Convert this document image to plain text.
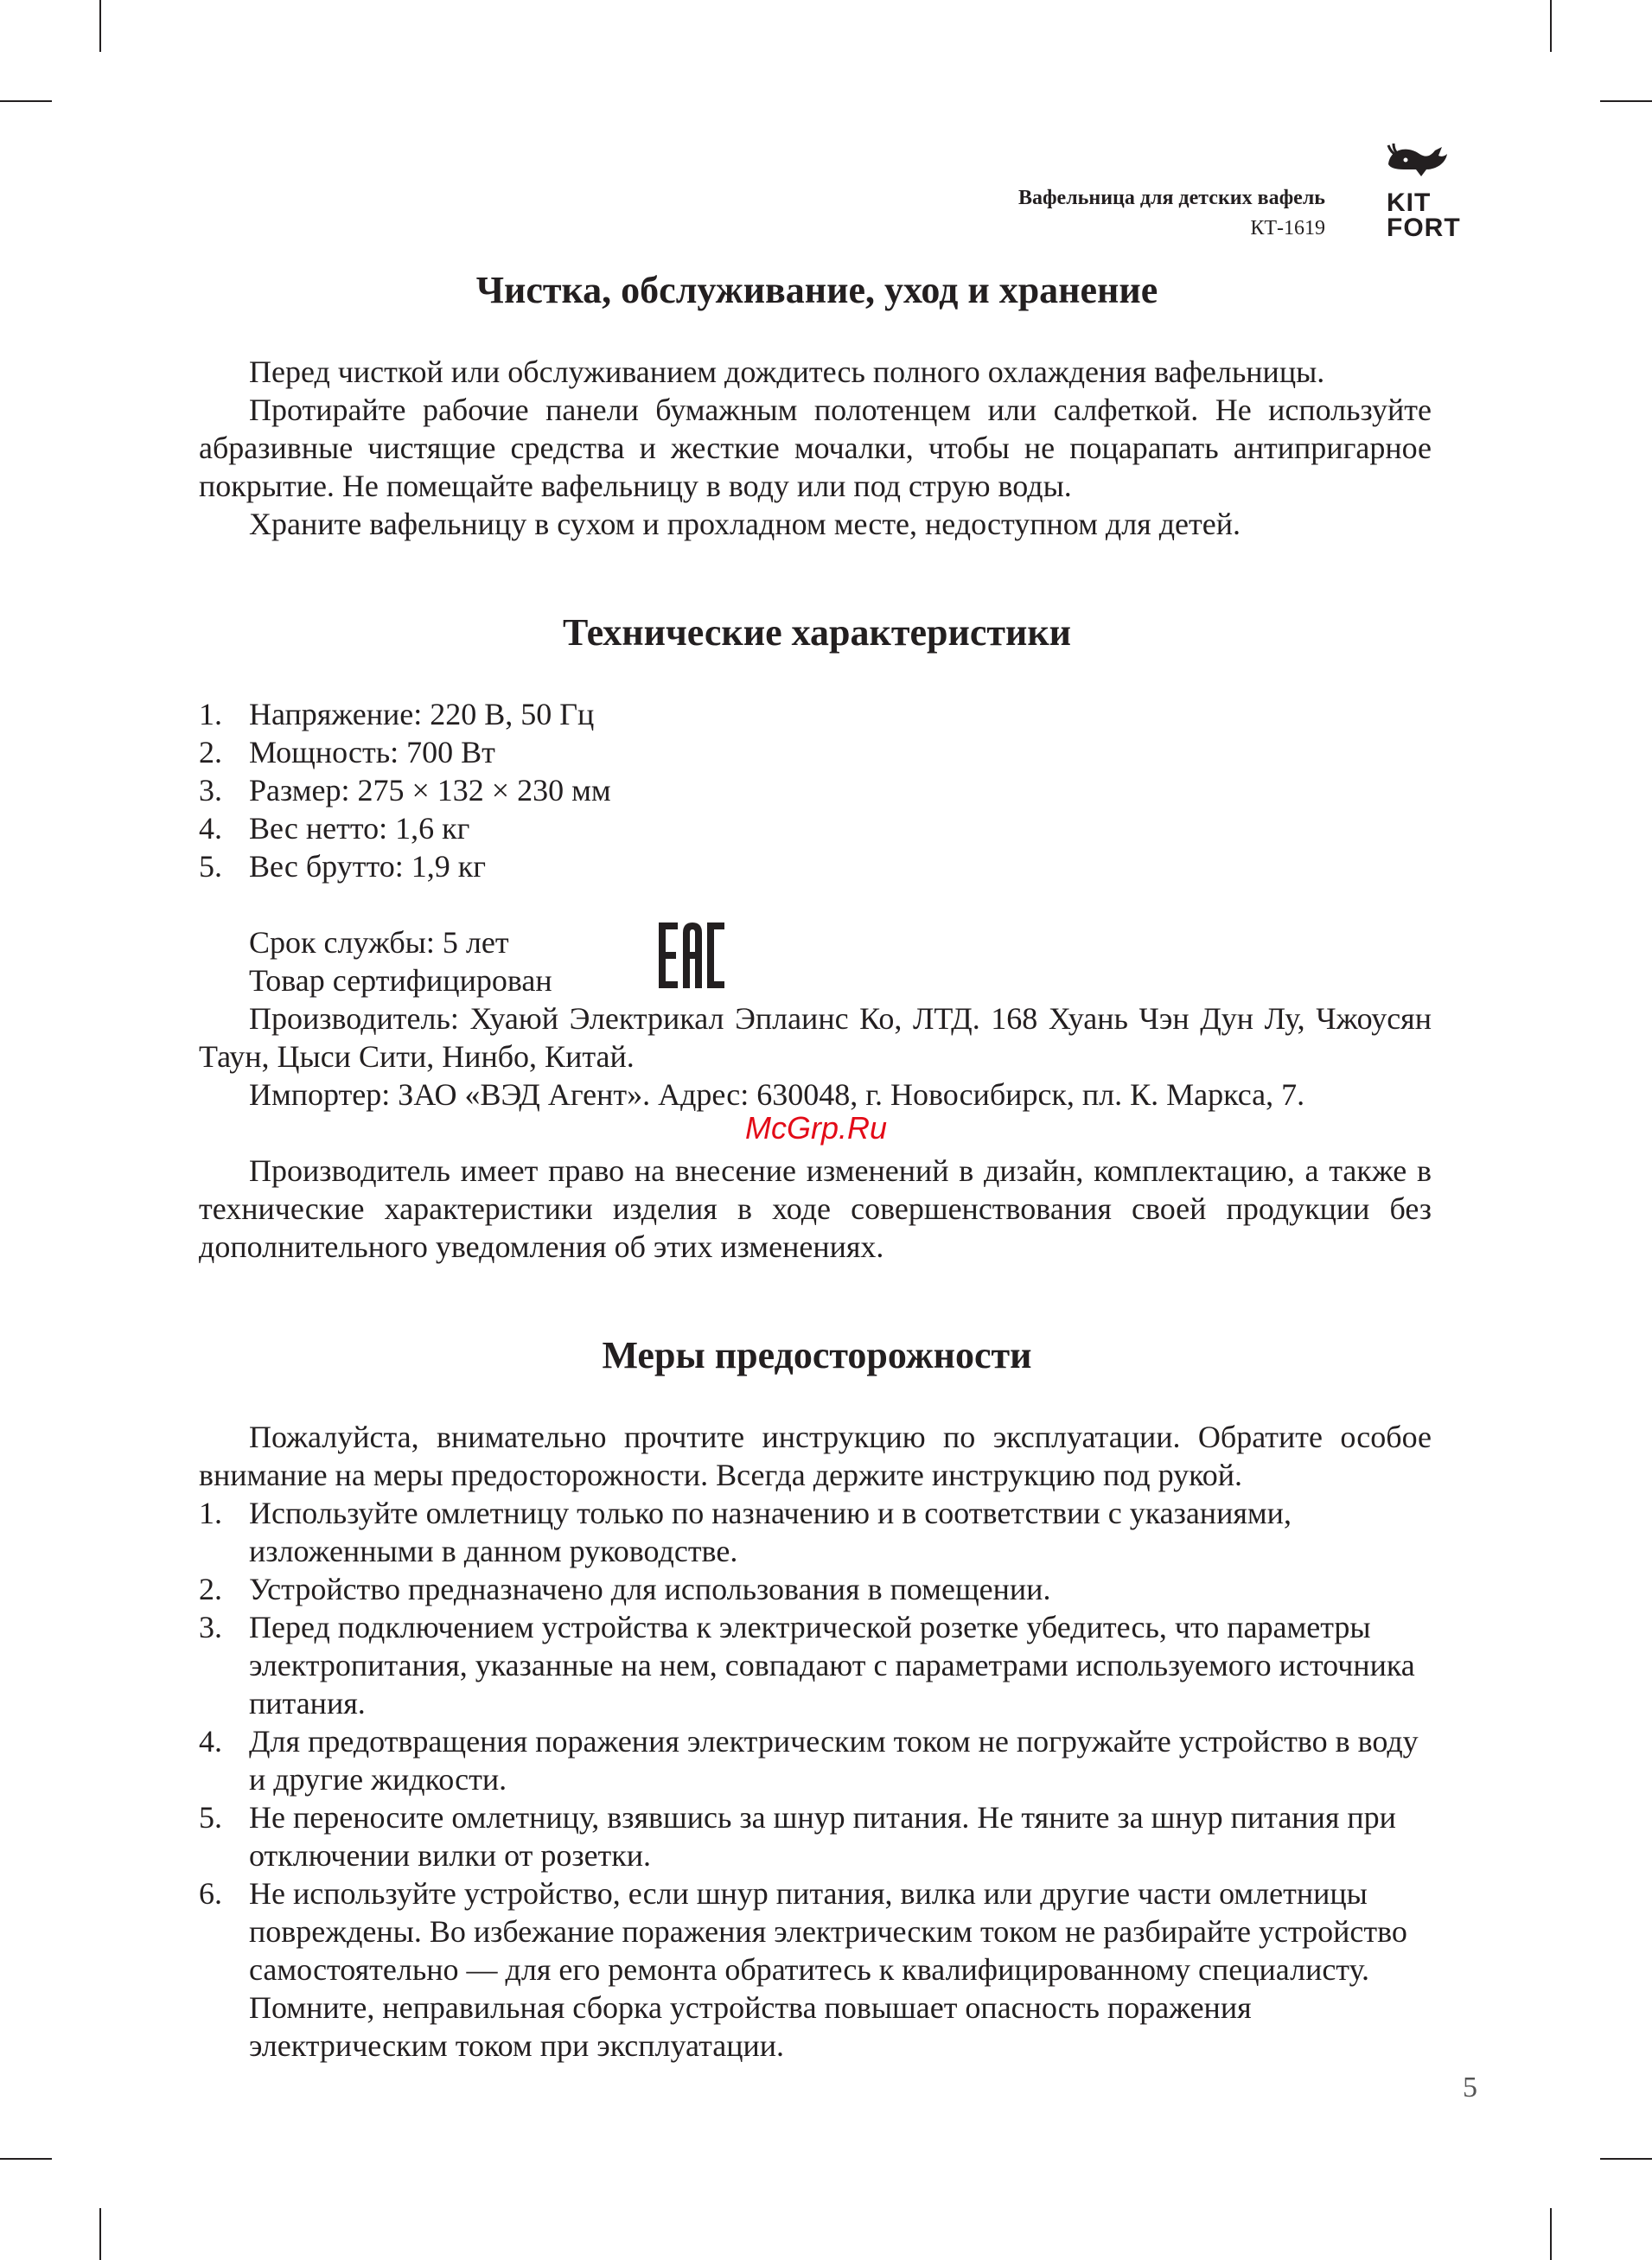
Вафельница для детских вафель
КТ-1619
KIT
FORT
Чистка, обслуживание, уход и хранение

Перед чисткой или обслуживанием дождитесь полного охлаждения вафельницы.

Протирайте рабочие панели бумажным полотенцем или салфеткой. Не используйте абразивные чистящие средства и жесткие мочалки, чтобы не поцарапать антипригарное покрытие. Не помещайте вафельницу в воду или под струю воды.

Храните вафельницу в сухом и прохладном месте, недоступном для детей.

Технические характеристики
1. Напряжение: 220 В, 50 Гц
2. Мощность: 700 Вт
3. Размер: 275 × 132 × 230 мм
4. Вес нетто: 1,6 кг
5. Вес брутто: 1,9 кг

Срок службы: 5 лет

Товар сертифицирован

Производитель: Хуаюй Электрикал Эплаинс Ко, ЛТД. 168 Хуань Чэн Дун Лу, Чжоусян Таун, Цыси Сити, Нинбо, Китай.

Импортер: ЗАО «ВЭД Агент». Адрес: 630048, г. Новосибирск, пл. К. Маркса, 7.

McGrp.Ru

Производитель имеет право на внесение изменений в дизайн, комплектацию, а также в технические характеристики изделия в ходе совершенствования своей продукции без дополнительного уведомления об этих изменениях.

Меры предосторожности

Пожалуйста, внимательно прочтите инструкцию по эксплуатации. Обратите особое внимание на меры предосторожности. Всегда держите инструкцию под рукой.

1. Используйте омлетницу только по назначению и в соответствии с указаниями, изложенными в данном руководстве.
2. Устройство предназначено для использования в помещении.
3. Перед подключением устройства к электрической розетке убедитесь, что параметры электропитания, указанные на нем, совпадают с параметрами используемого источника питания.
4. Для предотвращения поражения электрическим током не погружайте устройство в воду и другие жидкости.
5. Не переносите омлетницу, взявшись за шнур питания. Не тяните за шнур питания при отключении вилки от розетки.
6. Не используйте устройство, если шнур питания, вилка или другие части омлетницы повреждены. Во избежание поражения электрическим током не разбирайте устройство самостоятельно — для его ремонта обратитесь к квалифицированному специалисту. Помните, неправильная сборка устройства повышает опасность поражения электрическим током при эксплуатации.
5
